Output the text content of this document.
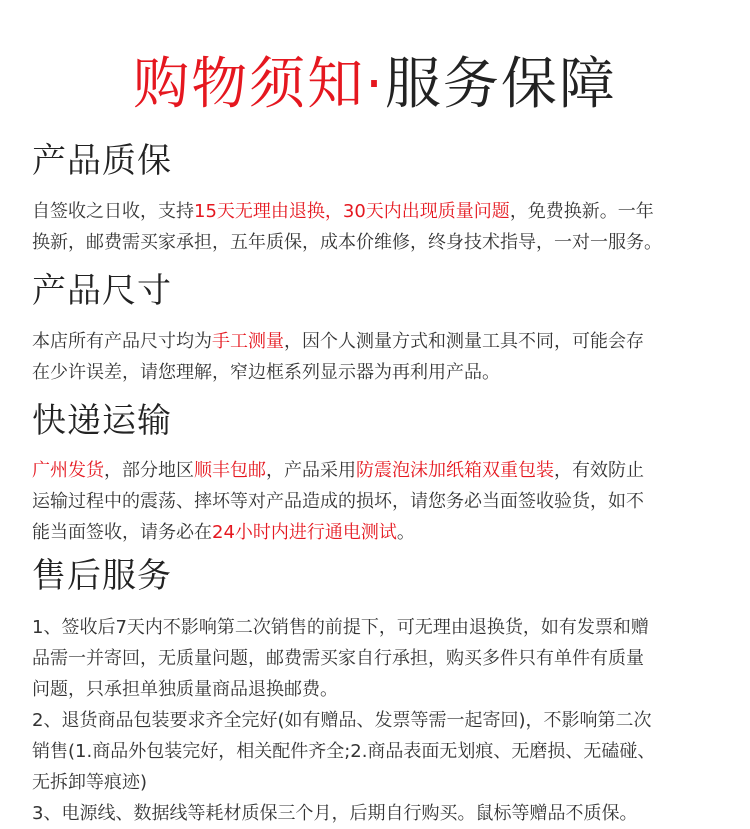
购物须知·服务保障
产品质保
自签收之日收，支持15天无理由退换，30天内出现质量问题，免费换新。一年
换新，邮费需买家承担，五年质保，成本价维修，终身技术指导，一对一服务。
产品尺寸
本店所有产品尺寸均为手工测量，因个人测量方式和测量工具不同，可能会存
在少许误差，请您理解，窄边框系列显示器为再利用产品。
快递运输
广州发货，部分地区顺丰包邮，产品采用防震泡沫加纸箱双重包装，有效防止
运输过程中的震荡、摔坏等对产品造成的损坏，请您务必当面签收验货，如不
能当面签收，请务必在24小时内进行通电测试。
售后服务
1、签收后7天内不影响第二次销售的前提下，可无理由退换货，如有发票和赠
品需一并寄回，无质量问题，邮费需买家自行承担，购买多件只有单件有质量
问题，只承担单独质量商品退换邮费。
2、退货商品包装要求齐全完好(如有赠品、发票等需一起寄回)，不影响第二次
销售(1.商品外包装完好，相关配件齐全;2.商品表面无划痕、无磨损、无磕碰、
无拆卸等痕迹)
3、电源线、数据线等耗材质保三个月，后期自行购买。鼠标等赠品不质保。
